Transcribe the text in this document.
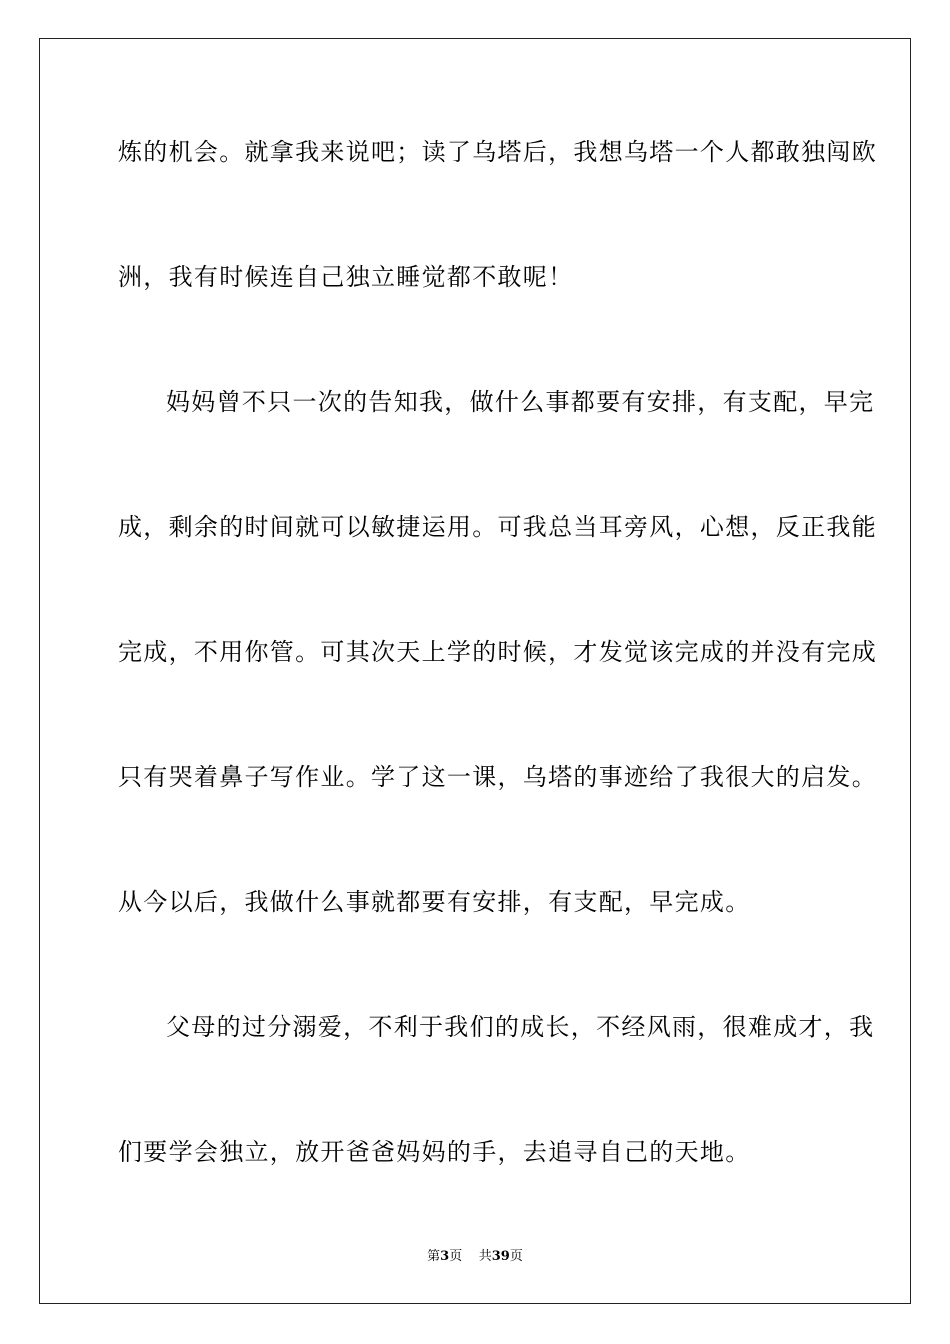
炼的机会。就拿我来说吧；读了乌塔后，我想乌塔一个人都敢独闯欧
洲，我有时候连自己独立睡觉都不敢呢！
妈妈曾不只一次的告知我，做什么事都要有安排，有支配，早完
成，剩余的时间就可以敏捷运用。可我总当耳旁风，心想，反正我能
完成，不用你管。可其次天上学的时候，才发觉该完成的并没有完成
只有哭着鼻子写作业。学了这一课，乌塔的事迹给了我很大的启发。
从今以后，我做什么事就都要有安排，有支配，早完成。
父母的过分溺爱，不利于我们的成长，不经风雨，很难成才，我
们要学会独立，放开爸爸妈妈的手，去追寻自己的天地。
第3页 共39页
